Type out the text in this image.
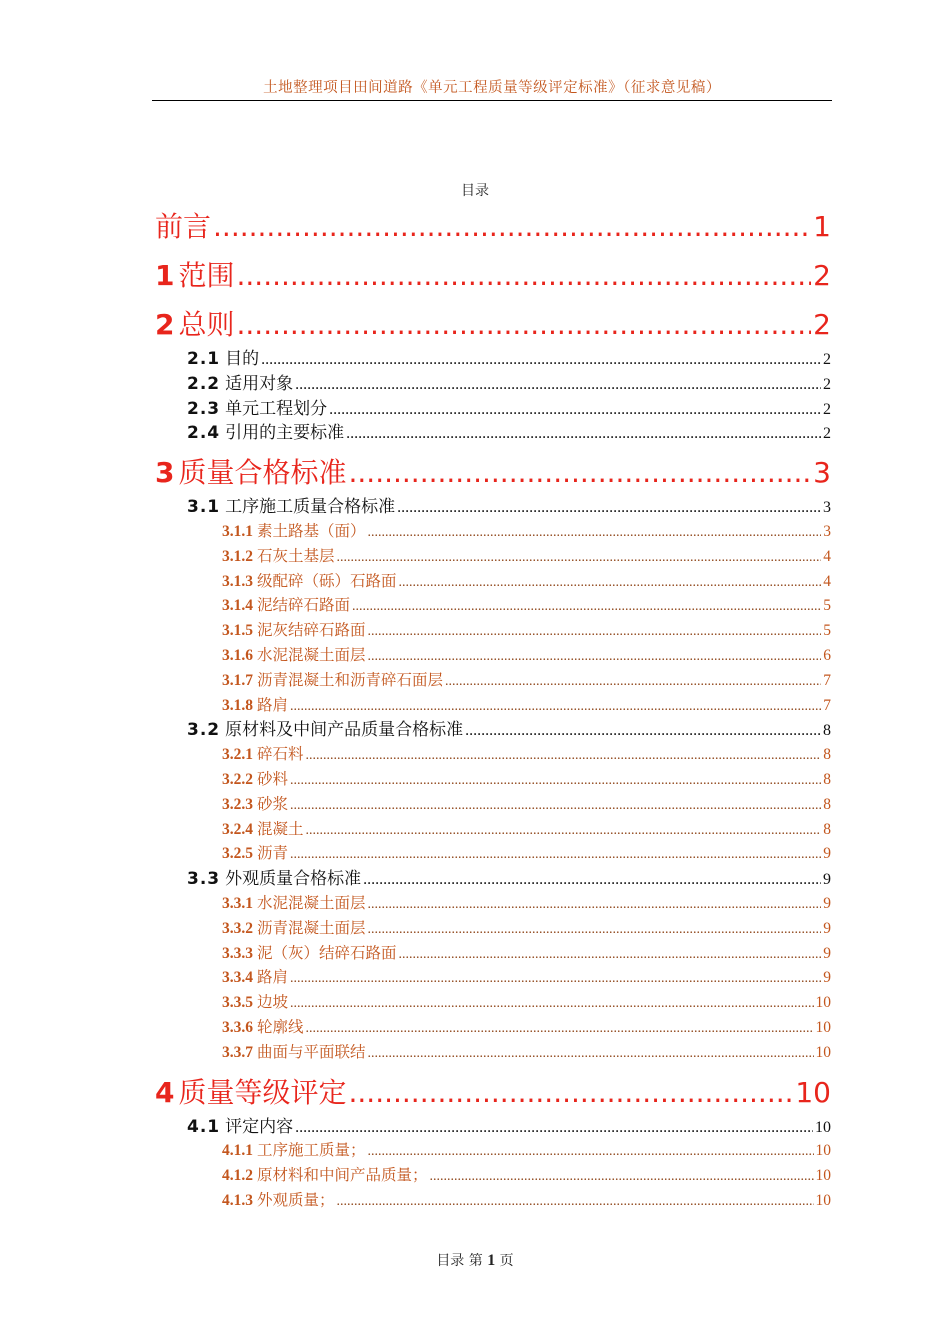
土地整理项目田间道路《单元工程质量等级评定标准》（征求意见稿）
目录
前言 .....	1
1 范围 .....	2
2 总则 .....	2
2.1 目的 .....	2
2.2 适用对象 .....	2
2.3 单元工程划分 .....	2
2.4 引用的主要标准 .....	2
3 质量合格标准 .....	3
3.1 工序施工质量合格标准 .....	3
3.1.1 素土路基（面） .....	3
3.1.2 石灰土基层 .....	4
3.1.3 级配碎（砾）石路面 .....	4
3.1.4 泥结碎石路面 .....	5
3.1.5 泥灰结碎石路面 .....	5
3.1.6 水泥混凝土面层 .....	6
3.1.7 沥青混凝土和沥青碎石面层 .....	7
3.1.8 路肩 .....	7
3.2 原材料及中间产品质量合格标准 .....	8
3.2.1 碎石料 .....	8
3.2.2 砂料 .....	8
3.2.3 砂浆 .....	8
3.2.4 混凝土 .....	8
3.2.5 沥青 .....	9
3.3 外观质量合格标准 .....	9
3.3.1 水泥混凝土面层 .....	9
3.3.2 沥青混凝土面层 .....	9
3.3.3 泥（灰）结碎石路面 .....	9
3.3.4 路肩 .....	9
3.3.5 边坡 .....	10
3.3.6 轮廓线 .....	10
3.3.7 曲面与平面联结 .....	10
4 质量等级评定 .....	10
4.1 评定内容 .....	10
4.1.1 工序施工质量； .....	10
4.1.2 原材料和中间产品质量； .....	10
4.1.3 外观质量； .....	10
目录 第 1 页
